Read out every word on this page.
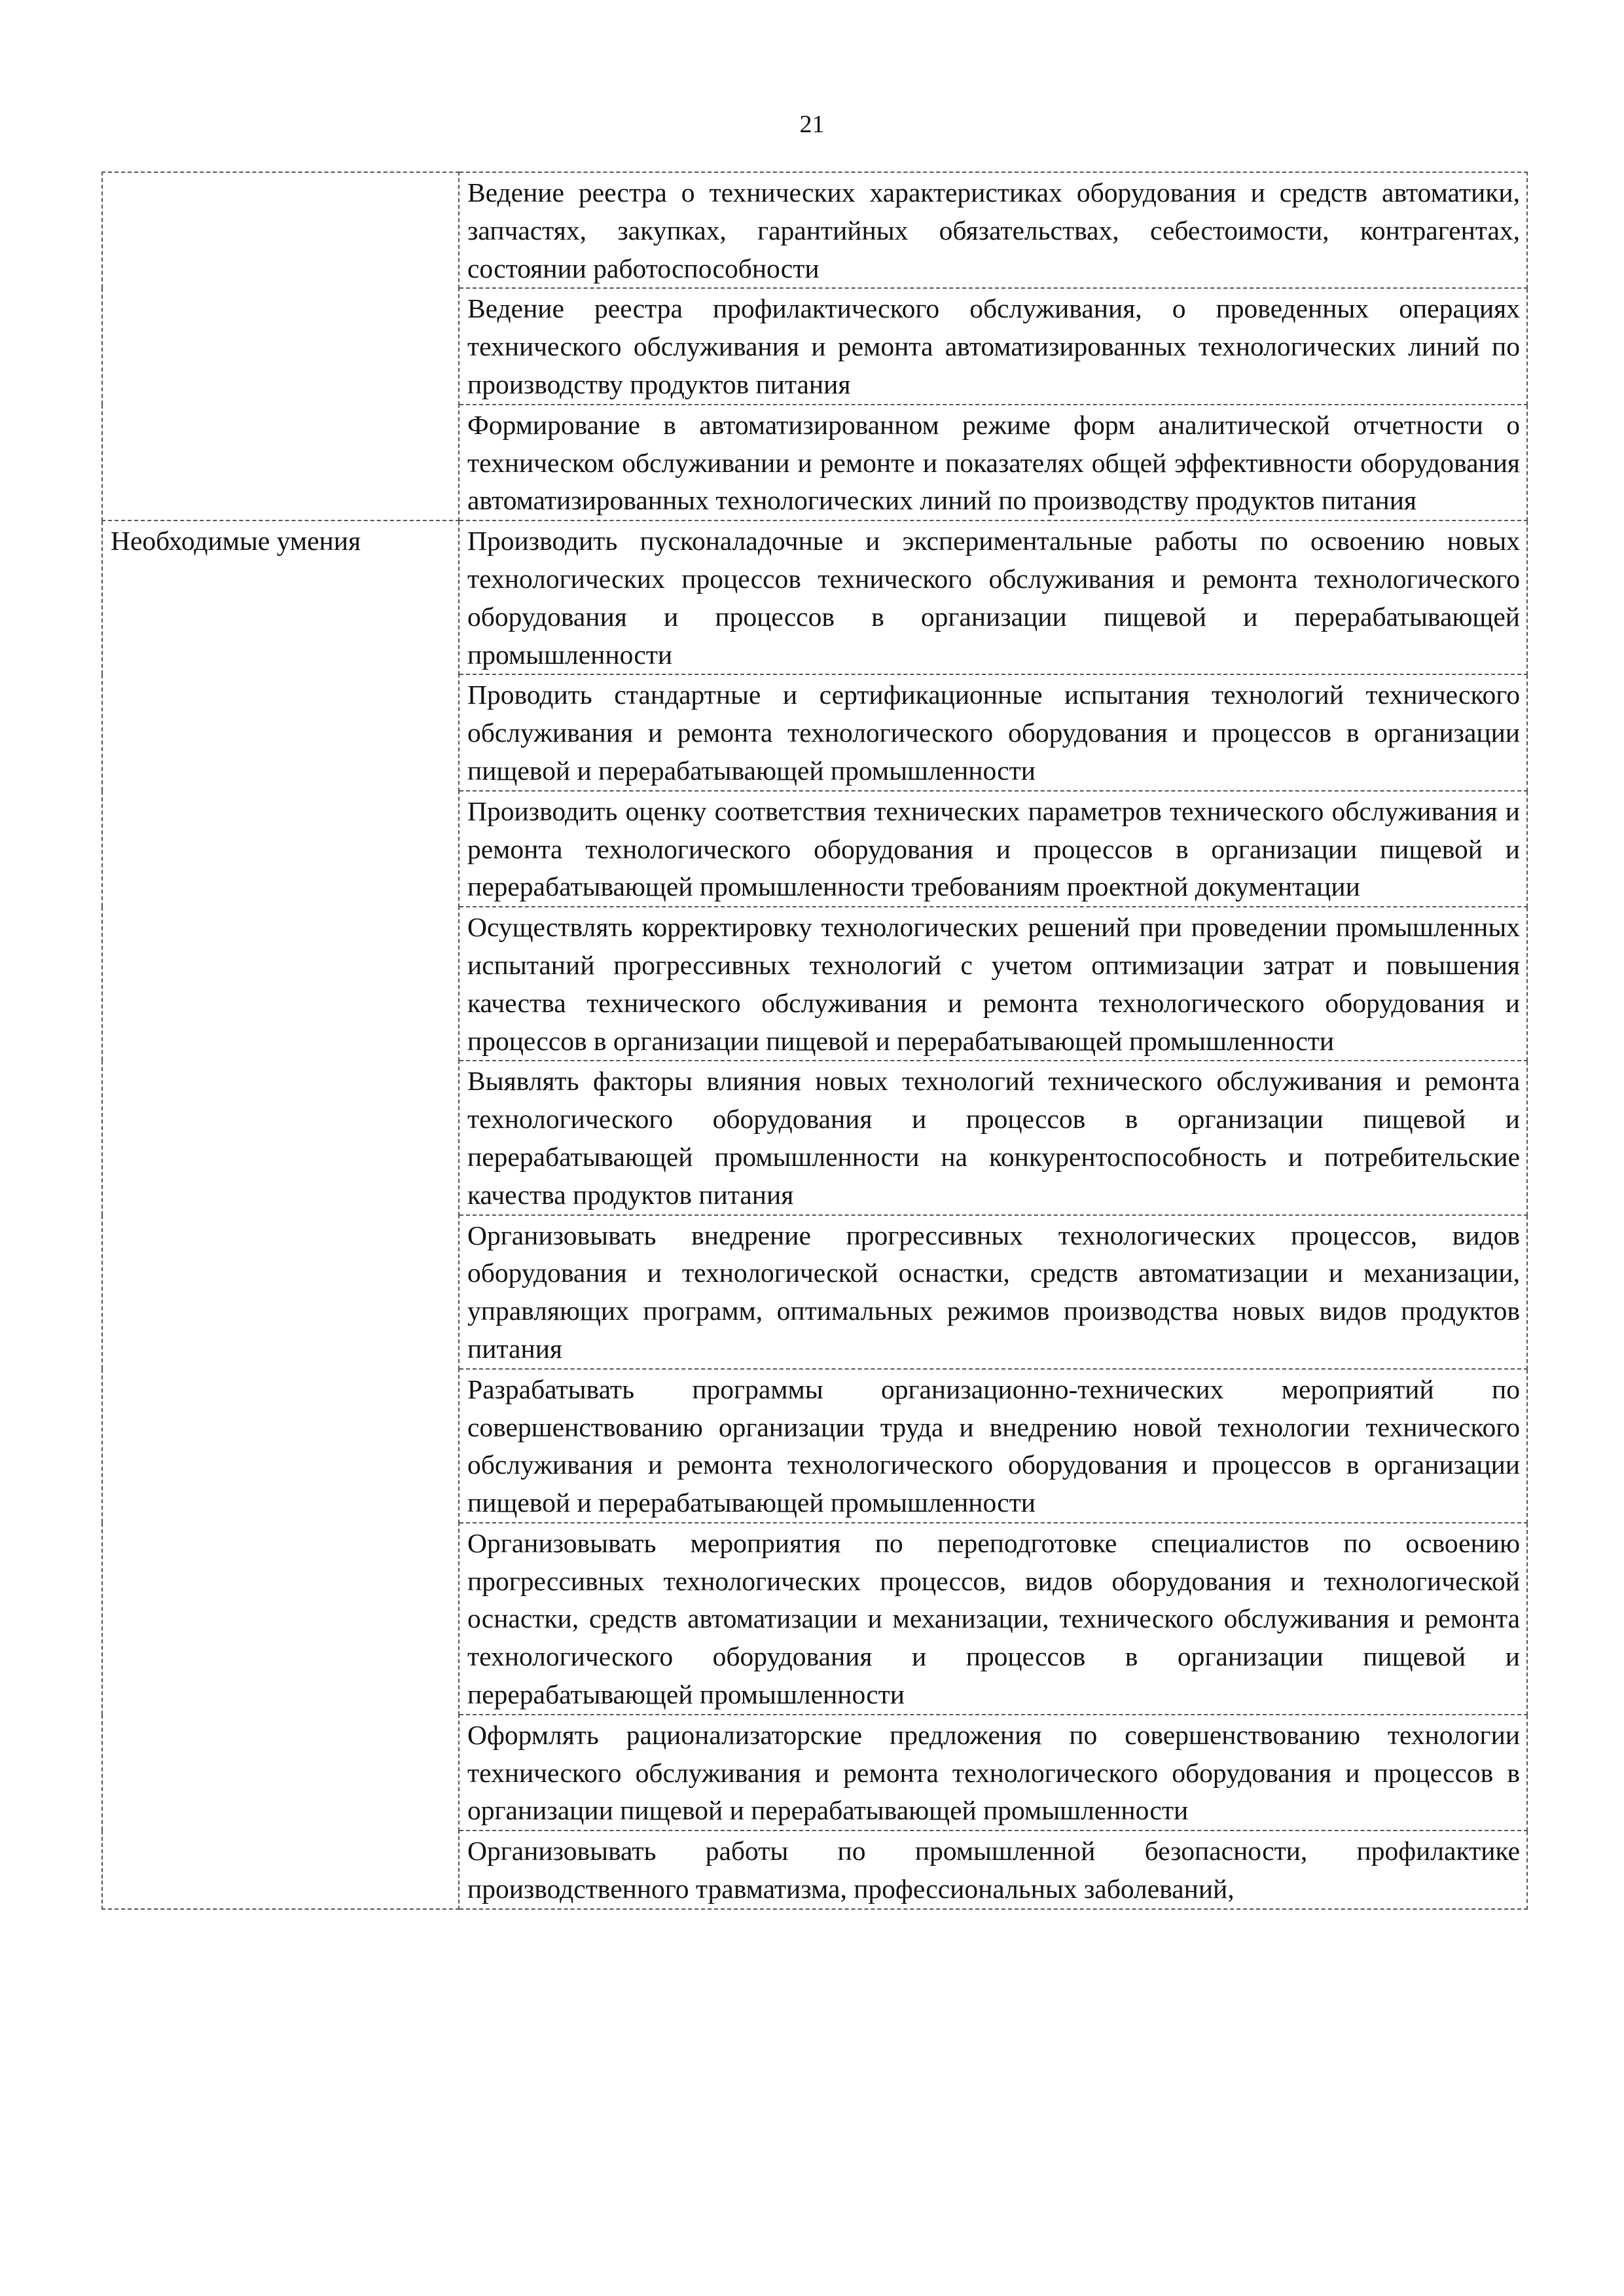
21
	Ведение реестра о технических характеристиках оборудования и средств автоматики, запчастях, закупках, гарантийных обязательствах, себестоимости, контрагентах, состоянии работоспособности
	Ведение реестра профилактического обслуживания, о проведенных операциях технического обслуживания и ремонта автоматизированных технологических линий по производству продуктов питания
	Формирование в автоматизированном режиме форм аналитической отчетности о техническом обслуживании и ремонте и показателях общей эффективности оборудования автоматизированных технологических линий по производству продуктов питания
Необходимые умения	Производить пусконаладочные и экспериментальные работы по освоению новых технологических процессов технического обслуживания и ремонта технологического оборудования и процессов в организации пищевой и перерабатывающей промышленности
	Проводить стандартные и сертификационные испытания технологий технического обслуживания и ремонта технологического оборудования и процессов в организации пищевой и перерабатывающей промышленности
	Производить оценку соответствия технических параметров технического обслуживания и ремонта технологического оборудования и процессов в организации пищевой и перерабатывающей промышленности требованиям проектной документации
	Осуществлять корректировку технологических решений при проведении промышленных испытаний прогрессивных технологий с учетом оптимизации затрат и повышения качества технического обслуживания и ремонта технологического оборудования и процессов в организации пищевой и перерабатывающей промышленности
	Выявлять факторы влияния новых технологий технического обслуживания и ремонта технологического оборудования и процессов в организации пищевой и перерабатывающей промышленности на конкурентоспособность и потребительские качества продуктов питания
	Организовывать внедрение прогрессивных технологических процессов, видов оборудования и технологической оснастки, средств автоматизации и механизации, управляющих программ, оптимальных режимов производства новых видов продуктов питания
	Разрабатывать программы организационно-технических мероприятий по совершенствованию организации труда и внедрению новой технологии технического обслуживания и ремонта технологического оборудования и процессов в организации пищевой и перерабатывающей промышленности
	Организовывать мероприятия по переподготовке специалистов по освоению прогрессивных технологических процессов, видов оборудования и технологической оснастки, средств автоматизации и механизации, технического обслуживания и ремонта технологического оборудования и процессов в организации пищевой и перерабатывающей промышленности
	Оформлять рационализаторские предложения по совершенствованию технологии технического обслуживания и ремонта технологического оборудования и процессов в организации пищевой и перерабатывающей промышленности
	Организовывать работы по промышленной безопасности, профилактике производственного травматизма, профессиональных заболеваний,
